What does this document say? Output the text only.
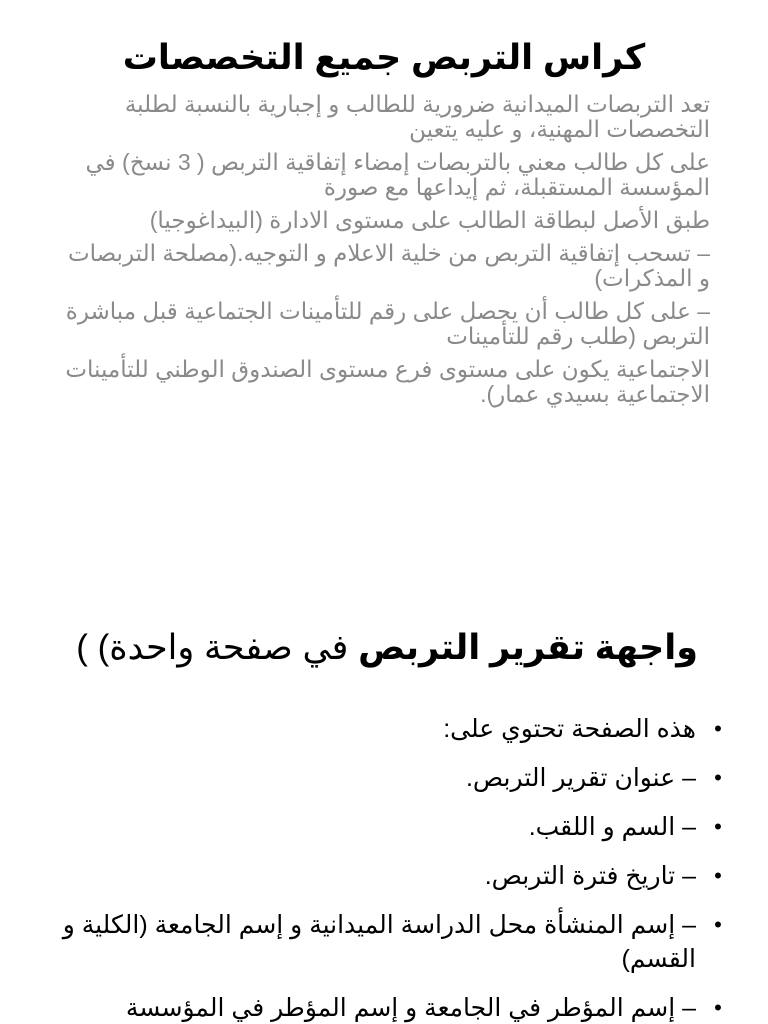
كراس التربص جميع التخصصات

تعد التربصات الميدانية ضرورية للطالب و إجبارية بالنسبة لطلبة التخصصات المهنية، و عليه يتعين

على كل طالب معني بالتربصات إمضاء إتفاقية التربص ( 3 نسخ) في المؤسسة المستقبلة، ثم إيداعها مع صورة

طبق الأصل لبطاقة الطالب على مستوى الادارة (البيداغوجيا)

– تسحب إتفاقية التربص من خلية الاعلام و التوجيه.(مصلحة التربصات و المذكرات)

– على كل طالب أن يحصل على رقم للتأمينات الجتماعية قبل مباشرة التربص (طلب رقم للتأمينات

الاجتماعية يكون على مستوى فرع مستوى الصندوق الوطني للتأمينات الاجتماعية بسيدي عمار).

واجهة تقرير التربص في صفحة واحدة) )
•
هذه الصفحة تحتوي على:
•
– عنوان تقرير التربص.
•
– السم و اللقب.
•
– تاريخ فترة التربص.
•
– إسم المنشأة محل الدراسة الميدانية و إسم الجامعة (الكلية و القسم)
•
– إسم المؤطر في الجامعة و إسم المؤطر في المؤسسة
